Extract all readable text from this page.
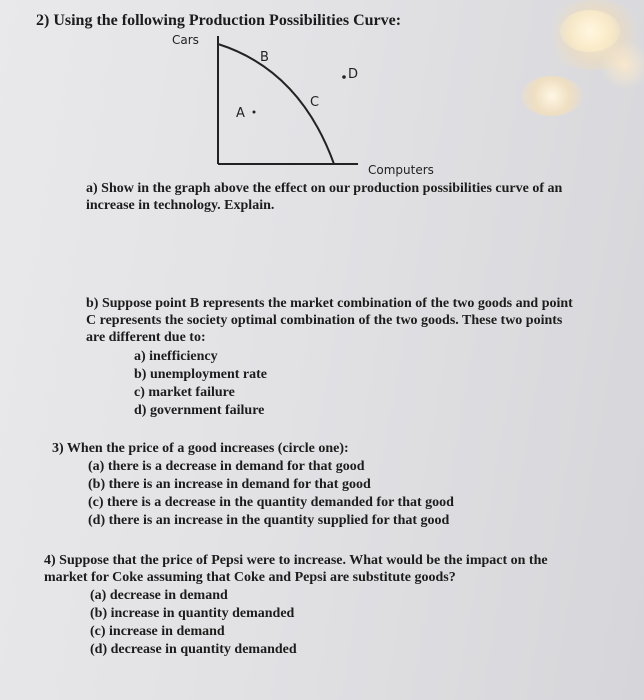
2) Using the following Production Possibilities Curve:
Cars
Computers
B
D
C
A
a) Show in the graph above the effect on our production possibilities curve of an
increase in technology. Explain.
b) Suppose point B represents the market combination of the two goods and point
C represents the society optimal combination of the two goods. These two points
are different due to:
a) inefficiency
b) unemployment rate
c) market failure
d) government failure
3) When the price of a good increases (circle one):
(a) there is a decrease in demand for that good
(b) there is an increase in demand for that good
(c) there is a decrease in the quantity demanded for that good
(d) there is an increase in the quantity supplied for that good
4) Suppose that the price of Pepsi were to increase. What would be the impact on the
market for Coke assuming that Coke and Pepsi are substitute goods?
(a) decrease in demand
(b) increase in quantity demanded
(c) increase in demand
(d) decrease in quantity demanded
